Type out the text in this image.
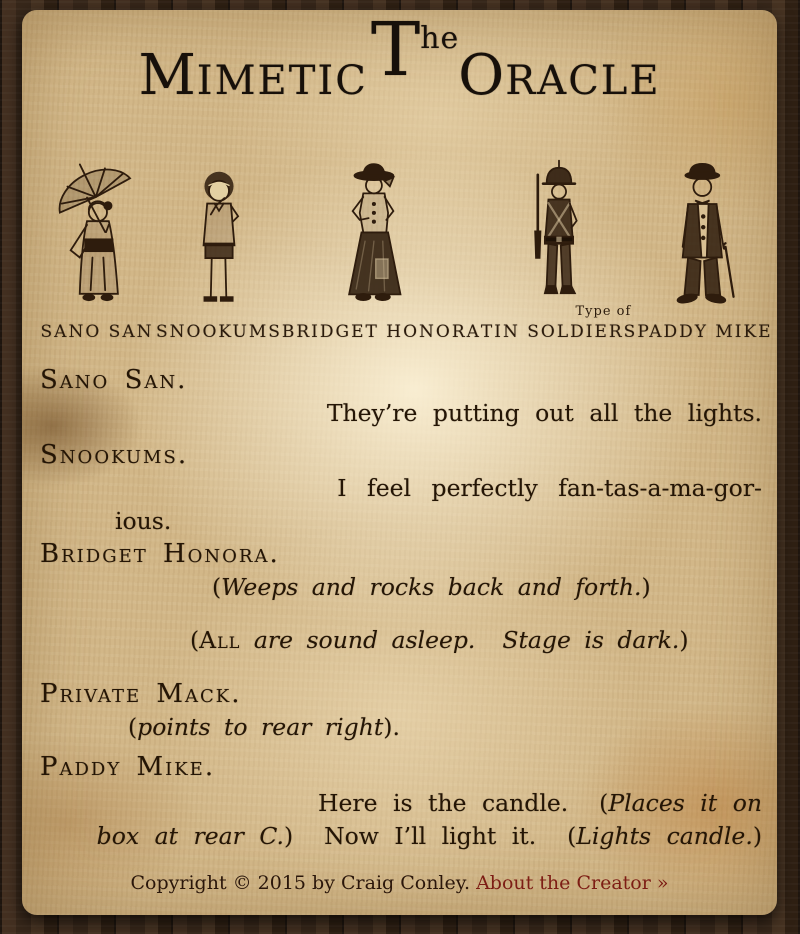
$MIMETICT^{he}ORACLE$
SANO SAN SNOOKUMS BRIDGET HONORA
Type of
TIN SOLDIERS PADDY MIKE
Sano San.
They’re putting out all the lights.
Snookums.
I feel perfectly fan-tas-a-ma-gor-
ious.
Bridget Honora.
(Weeps and rocks back and forth.)
(All are sound asleep.  Stage is dark.)
Private Mack.
(points to rear right).
Paddy Mike.
Here is the candle.  (Places it on
box at rear C.)  Now I’ll light it.  (Lights candle.)
Copyright © 2015 by Craig Conley. About the Creator »
